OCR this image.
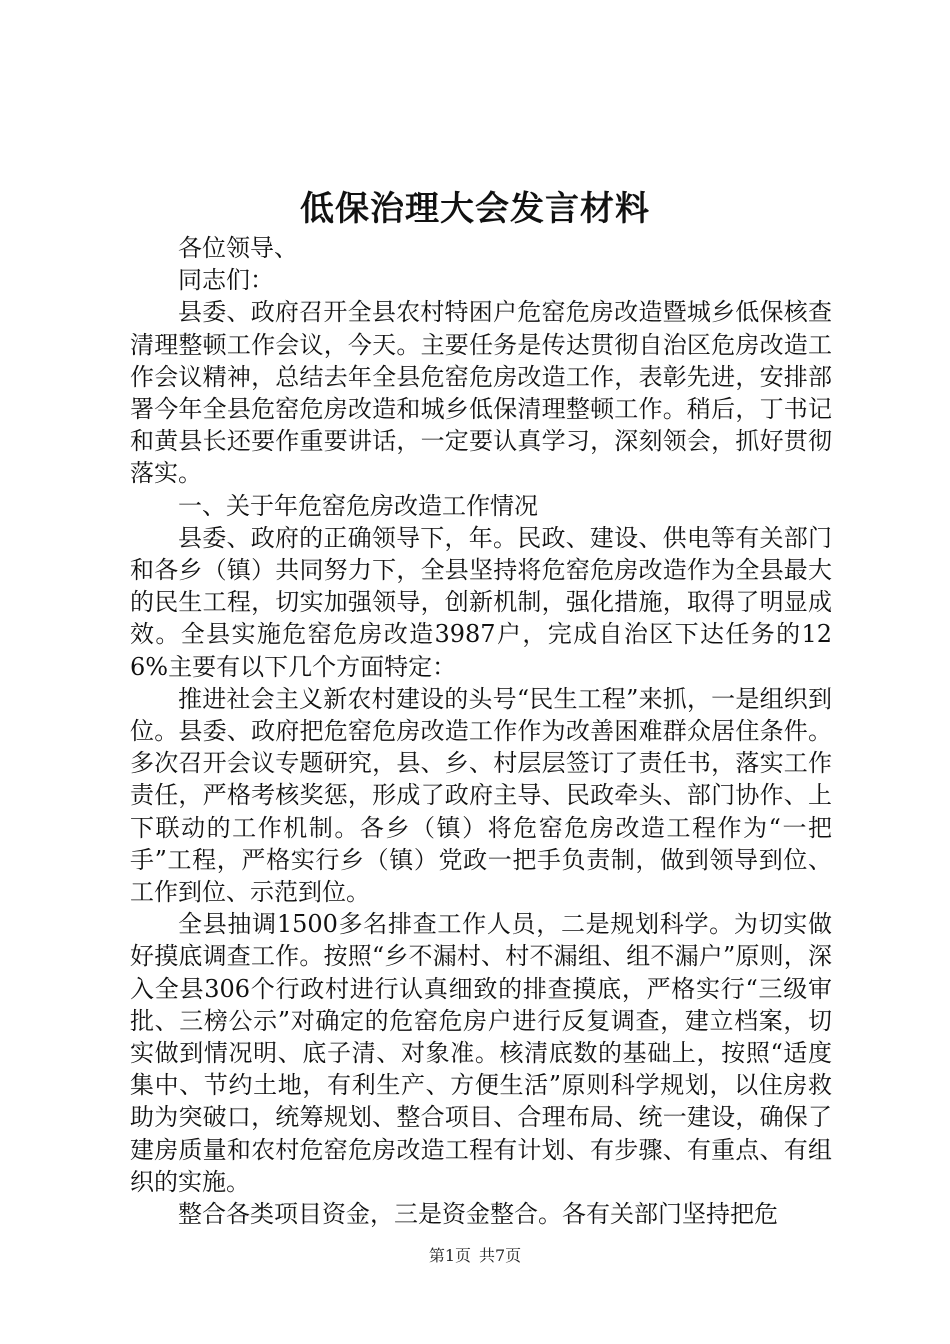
低保治理大会发言材料

各位领导、

同志们：

县委、政府召开全县农村特困户危窑危房改造暨城乡低保核查清理整顿工作会议，今天。主要任务是传达贯彻自治区危房改造工作会议精神，总结去年全县危窑危房改造工作，表彰先进，安排部署今年全县危窑危房改造和城乡低保清理整顿工作。稍后，丁书记和黄县长还要作重要讲话，一定要认真学习，深刻领会，抓好贯彻落实。

一、关于年危窑危房改造工作情况

县委、政府的正确领导下，年。民政、建设、供电等有关部门和各乡（镇）共同努力下，全县坚持将危窑危房改造作为全县最大的民生工程，切实加强领导，创新机制，强化措施，取得了明显成效。全县实施危窑危房改造3987户，完成自治区下达任务的126%主要有以下几个方面特定：

推进社会主义新农村建设的头号“民生工程”来抓，一是组织到位。县委、政府把危窑危房改造工作作为改善困难群众居住条件。多次召开会议专题研究，县、乡、村层层签订了责任书，落实工作责任，严格考核奖惩，形成了政府主导、民政牵头、部门协作、上下联动的工作机制。各乡（镇）将危窑危房改造工程作为“一把手”工程，严格实行乡（镇）党政一把手负责制，做到领导到位、工作到位、示范到位。

全县抽调1500多名排查工作人员，二是规划科学。为切实做好摸底调查工作。按照“乡不漏村、村不漏组、组不漏户”原则，深入全县306个行政村进行认真细致的排查摸底，严格实行“三级审批、三榜公示”对确定的危窑危房户进行反复调查，建立档案，切实做到情况明、底子清、对象准。核清底数的基础上，按照“适度集中、节约土地，有利生产、方便生活”原则科学规划，以住房救助为突破口，统筹规划、整合项目、合理布局、统一建设，确保了建房质量和农村危窑危房改造工程有计划、有步骤、有重点、有组织的实施。

整合各类项目资金，三是资金整合。各有关部门坚持把危

第1页 共7页
